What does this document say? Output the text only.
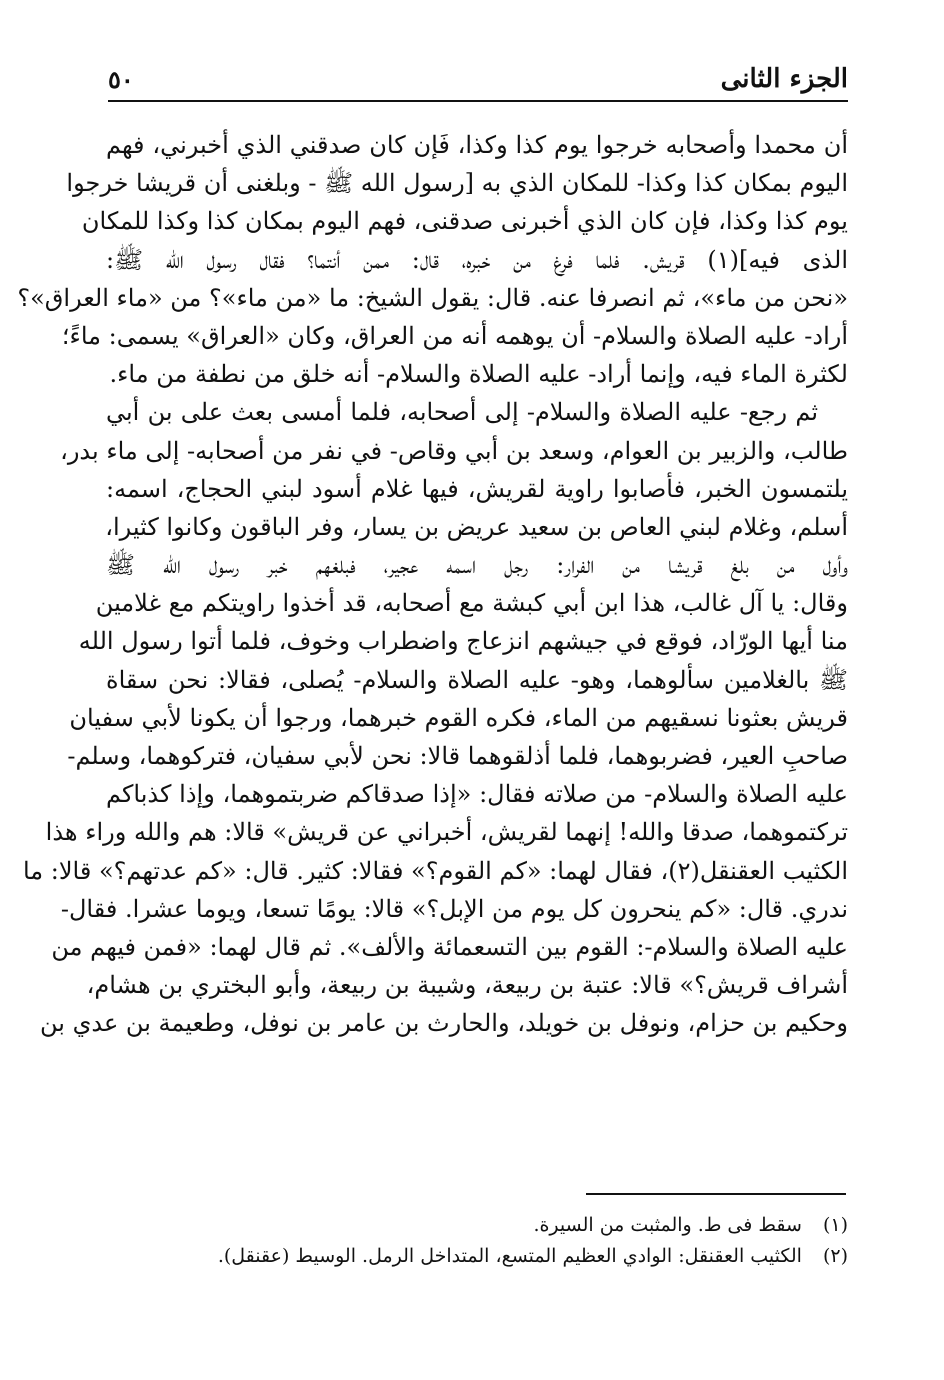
الجزء الثانى
٥٠
أن محمدا وأصحابه خرجوا يوم كذا وكذا، فَإن كان صدقني الذي أخبرني، فهم
اليوم بمكان كذا وكذا- للمكان الذي به [رسول الله ﷺ - وبلغنى أن قريشا خرجوا
يوم كذا وكذا، فإن كان الذي أخبرنى صدقنى، فهم اليوم بمكان كذا وكذا للمكان
الذى فيه](١) قريش. فلما فرغ من خبره، قال: ممن أنتما؟ فقال رسول الله ﷺ:
«نحن من ماء»، ثم انصرفا عنه. قال: يقول الشيخ: ما «من ماء»؟ من «ماء العراق»؟
أراد- عليه الصلاة والسلام- أن يوهمه أنه من العراق، وكان «العراق» يسمى: ماءً؛
لكثرة الماء فيه، وإنما أراد- عليه الصلاة والسلام- أنه خلق من نطفة من ماء.
ثم رجع- عليه الصلاة والسلام- إلى أصحابه، فلما أمسى بعث على بن أبي
طالب، والزبير بن العوام، وسعد بن أبي وقاص- في نفر من أصحابه- إلى ماء بدر،
يلتمسون الخبر، فأصابوا راوية لقريش، فيها غلام أسود لبني الحجاج، اسمه:
أسلم، وغلام لبني العاص بن سعيد عريض بن يسار، وفر الباقون وكانوا كثيرا،
وأول من بلغ قريشا من الفرار: رجل اسمه عجير، فبلغهم خبر رسول الله ﷺ
وقال: يا آل غالب، هذا ابن أبي كبشة مع أصحابه، قد أخذوا راويتكم مع غلامين
منا أيها الورّاد، فوقع في جيشهم انزعاج واضطراب وخوف، فلما أتوا رسول الله
ﷺ بالغلامين سألوهما، وهو- عليه الصلاة والسلام- يُصلى، فقالا: نحن سقاة
قريش بعثونا نسقيهم من الماء، فكره القوم خبرهما، ورجوا أن يكونا لأبي سفيان
صاحبِ العير، فضربوهما، فلما أذلقوهما قالا: نحن لأبي سفيان، فتركوهما، وسلم-
عليه الصلاة والسلام- من صلاته فقال: «إذا صدقاكم ضربتموهما، وإذا كذباكم
تركتموهما، صدقا والله! إنهما لقريش، أخبراني عن قريش» قالا: هم والله وراء هذا
الكثيب العقنقل(٢)، فقال لهما: «كم القوم؟» فقالا: كثير. قال: «كم عدتهم؟» قالا: ما
ندري. قال: «كم ينحرون كل يوم من الإبل؟» قالا: يومًا تسعا، ويوما عشرا. فقال-
عليه الصلاة والسلام-: القوم بين التسعمائة والألف». ثم قال لهما: «فمن فيهم من
أشراف قريش؟» قالا: عتبة بن ربيعة، وشيبة بن ربيعة، وأبو البختري بن هشام،
وحكيم بن حزام، ونوفل بن خويلد، والحارث بن عامر بن نوفل، وطعيمة بن عدي بن
(١) سقط فى ط. والمثبت من السيرة.
(٢) الكثيب العقنقل: الوادي العظيم المتسع، المتداخل الرمل. الوسيط (عقنقل).
